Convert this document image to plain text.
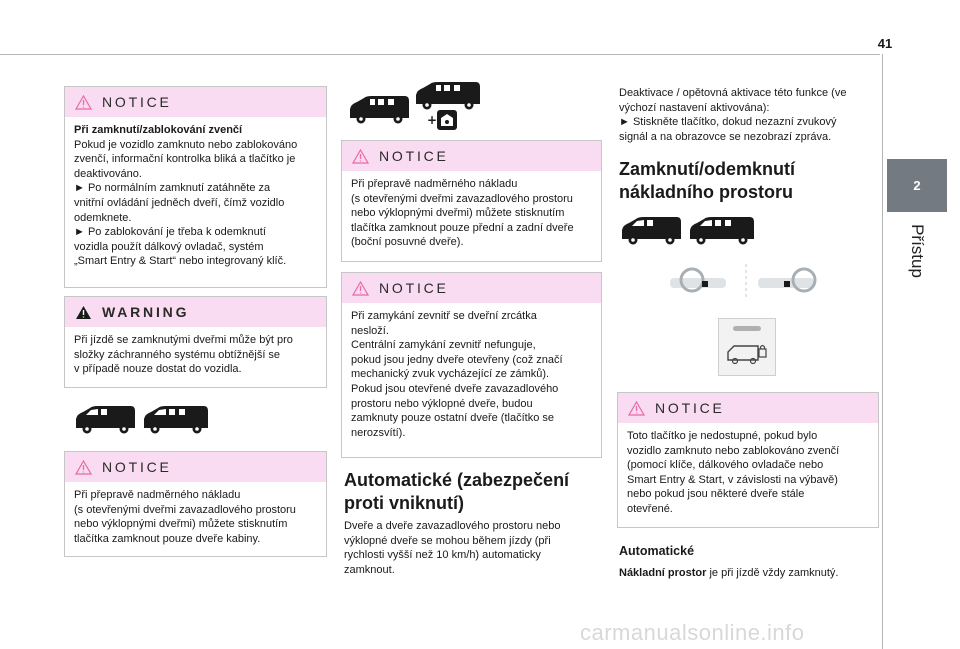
41
2
Přístup
NOTICE
Při zamknutí/zablokování zvenčí
Pokud je vozidlo zamknuto nebo zablokováno
zvenčí, informační kontrolka bliká a tlačítko je
deaktivováno.
► Po normálním zamknutí zatáhněte za
vnitřní ovládání jedněch dveří, čímž vozidlo
odemknete.
► Po zablokování je třeba k odemknutí
vozidla použít dálkový ovladač, systém
„Smart Entry & Start“ nebo integrovaný klíč.
WARNING
Při jízdě se zamknutými dveřmi může být pro
složky záchranného systému obtížnější se
v případě nouze dostat do vozidla.
NOTICE
Při přepravě nadměrného nákladu
(s otevřenými dveřmi zavazadlového prostoru
nebo výklopnými dveřmi) můžete stisknutím
tlačítka zamknout pouze dveře kabiny.
+
NOTICE
Při přepravě nadměrného nákladu
(s otevřenými dveřmi zavazadlového prostoru
nebo výklopnými dveřmi) můžete stisknutím
tlačítka zamknout pouze přední a zadní dveře
(boční posuvné dveře).
NOTICE
Při zamykání zevnitř se dveřní zrcátka
nesloží.
Centrální zamykání zevnitř nefunguje,
pokud jsou jedny dveře otevřeny (což značí
mechanický zvuk vycházející ze zámků).
Pokud jsou otevřené dveře zavazadlového
prostoru nebo výklopné dveře, budou
zamknuty pouze ostatní dveře (tlačítko se
nerozsvítí).
Automatické (zabezpečení
proti vniknutí)
Dveře a dveře zavazadlového prostoru nebo
výklopné dveře se mohou během jízdy (při
rychlosti vyšší než 10 km/h) automaticky
zamknout.
Deaktivace / opětovná aktivace této funkce (ve
výchozí nastavení aktivována):
► Stiskněte tlačítko, dokud nezazní zvukový
signál a na obrazovce se nezobrazí zpráva.
Zamknutí/odemknutí
nákladního prostoru
NOTICE
Toto tlačítko je nedostupné, pokud bylo
vozidlo zamknuto nebo zablokováno zvenčí
(pomocí klíče, dálkového ovladače nebo
Smart Entry & Start, v závislosti na výbavě)
nebo pokud jsou některé dveře stále
otevřené.
Automatické
Nákladní prostor je při jízdě vždy zamknutý.
carmanualsonline.info
